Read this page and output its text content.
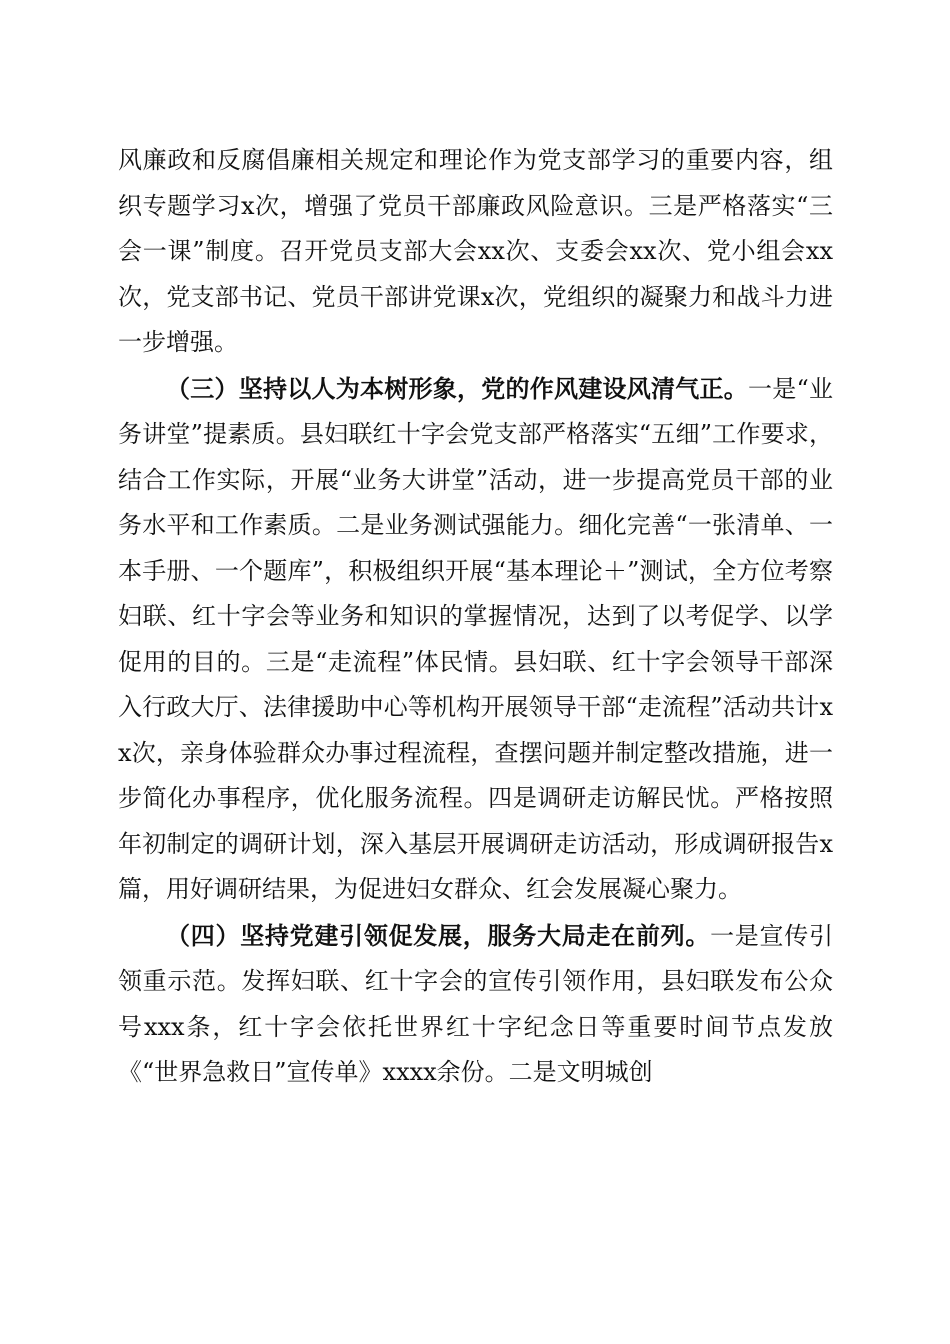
风廉政和反腐倡廉相关规定和理论作为党支部学习的重要内容，组织专题学习x次，增强了党员干部廉政风险意识。三是严格落实“三会一课”制度。召开党员支部大会xx次、支委会xx次、党小组会xx次，党支部书记、党员干部讲党课x次，党组织的凝聚力和战斗力进一步增强。

（三）坚持以人为本树形象，党的作风建设风清气正。一是“业务讲堂”提素质。县妇联红十字会党支部严格落实“五细”工作要求，结合工作实际，开展“业务大讲堂”活动，进一步提高党员干部的业务水平和工作素质。二是业务测试强能力。细化完善“一张清单、一本手册、一个题库”，积极组织开展“基本理论＋”测试，全方位考察妇联、红十字会等业务和知识的掌握情况，达到了以考促学、以学促用的目的。三是“走流程”体民情。县妇联、红十字会领导干部深入行政大厅、法律援助中心等机构开展领导干部“走流程”活动共计xx次，亲身体验群众办事过程流程，查摆问题并制定整改措施，进一步简化办事程序，优化服务流程。四是调研走访解民忧。严格按照年初制定的调研计划，深入基层开展调研走访活动，形成调研报告x篇，用好调研结果，为促进妇女群众、红会发展凝心聚力。

（四）坚持党建引领促发展，服务大局走在前列。一是宣传引领重示范。发挥妇联、红十字会的宣传引领作用，县妇联发布公众号xxx条，红十字会依托世界红十字纪念日等重要时间节点发放《“世界急救日”宣传单》xxxx余份。二是文明城创
